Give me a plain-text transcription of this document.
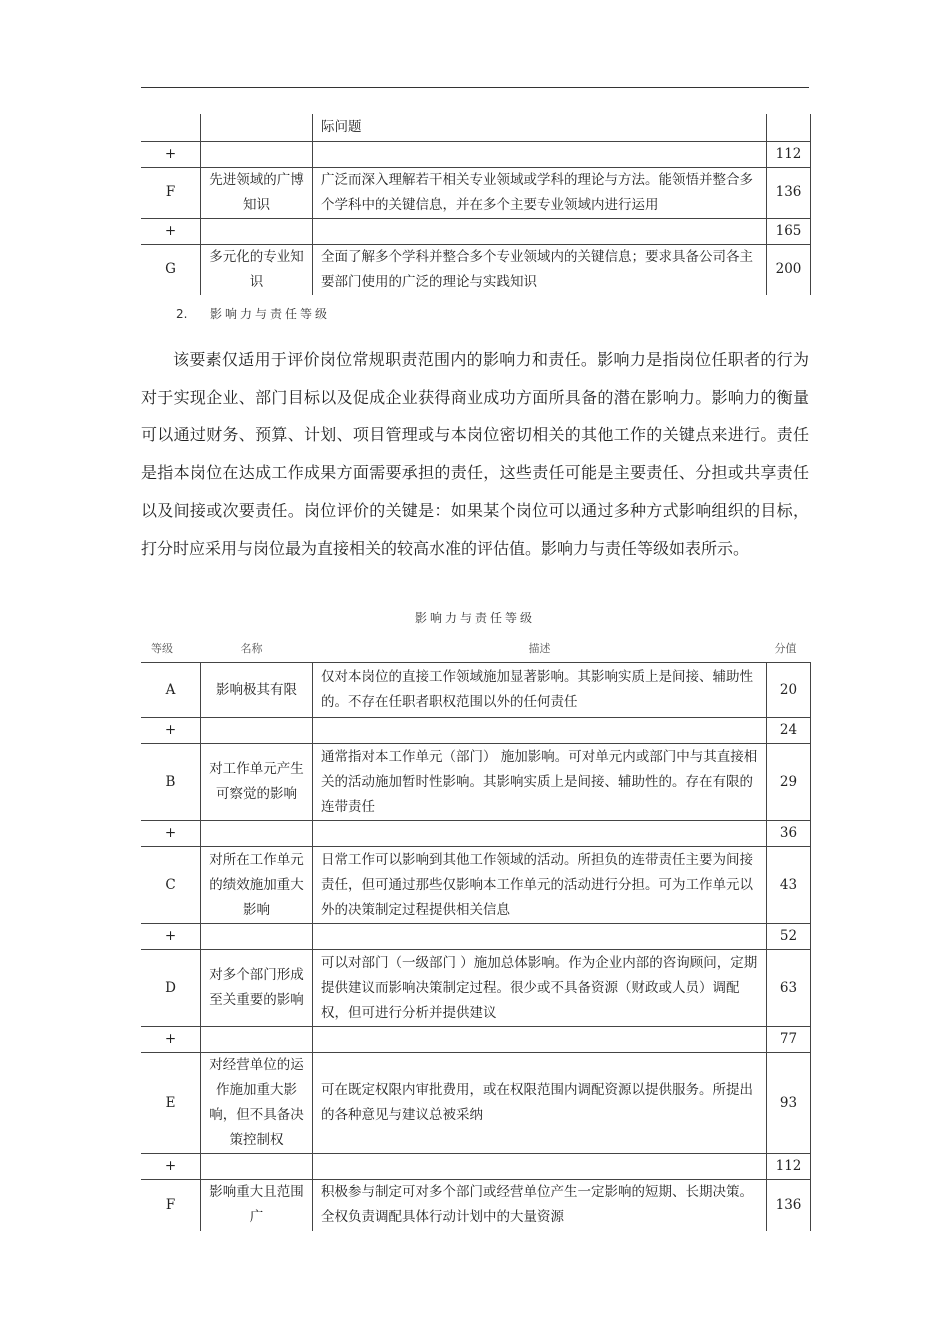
		际问题	
+			112
F	先进领域的广博知识	广泛而深入理解若干相关专业领域或学科的理论与方法。能领悟并整合多个学科中的关键信息，并在多个主要专业领域内进行运用	136
+			165
G	多元化的专业知识	全面了解多个学科并整合多个专业领域内的关键信息；要求具备公司各主要部门使用的广泛的理论与实践知识	200
2. 影响力与责任等级

该要素仅适用于评价岗位常规职责范围内的影响力和责任。影响力是指岗位任职者的行为对于实现企业、部门目标以及促成企业获得商业成功方面所具备的潜在影响力。影响力的衡量可以通过财务、预算、计划、项目管理或与本岗位密切相关的其他工作的关键点来进行。责任是指本岗位在达成工作成果方面需要承担的责任，这些责任可能是主要责任、分担或共享责任以及间接或次要责任。岗位评价的关键是：如果某个岗位可以通过多种方式影响组织的目标，打分时应采用与岗位最为直接相关的较高水准的评估值。影响力与责任等级如表所示。

影响力与责任等级
等级	名称	描述	分值
A	影响极其有限	仅对本岗位的直接工作领域施加显著影响。其影响实质上是间接、辅助性的。不存在任职者职权范围以外的任何责任	20
+			24
B	对工作单元产生可察觉的影响	通常指对本工作单元（部门） 施加影响。可对单元内或部门中与其直接相关的活动施加暂时性影响。其影响实质上是间接、辅助性的。存在有限的连带责任	29
+			36
C	对所在工作单元的绩效施加重大影响	日常工作可以影响到其他工作领域的活动。所担负的连带责任主要为间接责任，但可通过那些仅影响本工作单元的活动进行分担。可为工作单元以外的决策制定过程提供相关信息	43
+			52
D	对多个部门形成至关重要的影响	可以对部门（一级部门 ）施加总体影响。作为企业内部的咨询顾问，定期提供建议而影响决策制定过程。很少或不具备资源（财政或人员）调配权，但可进行分析并提供建议	63
+			77
E	对经营单位的运作施加重大影响，但不具备决策控制权	可在既定权限内审批费用，或在权限范围内调配资源以提供服务。所提出的各种意见与建议总被采纳	93
+			112
F	影响重大且范围广	积极参与制定可对多个部门或经营单位产生一定影响的短期、长期决策。全权负责调配具体行动计划中的大量资源	136
